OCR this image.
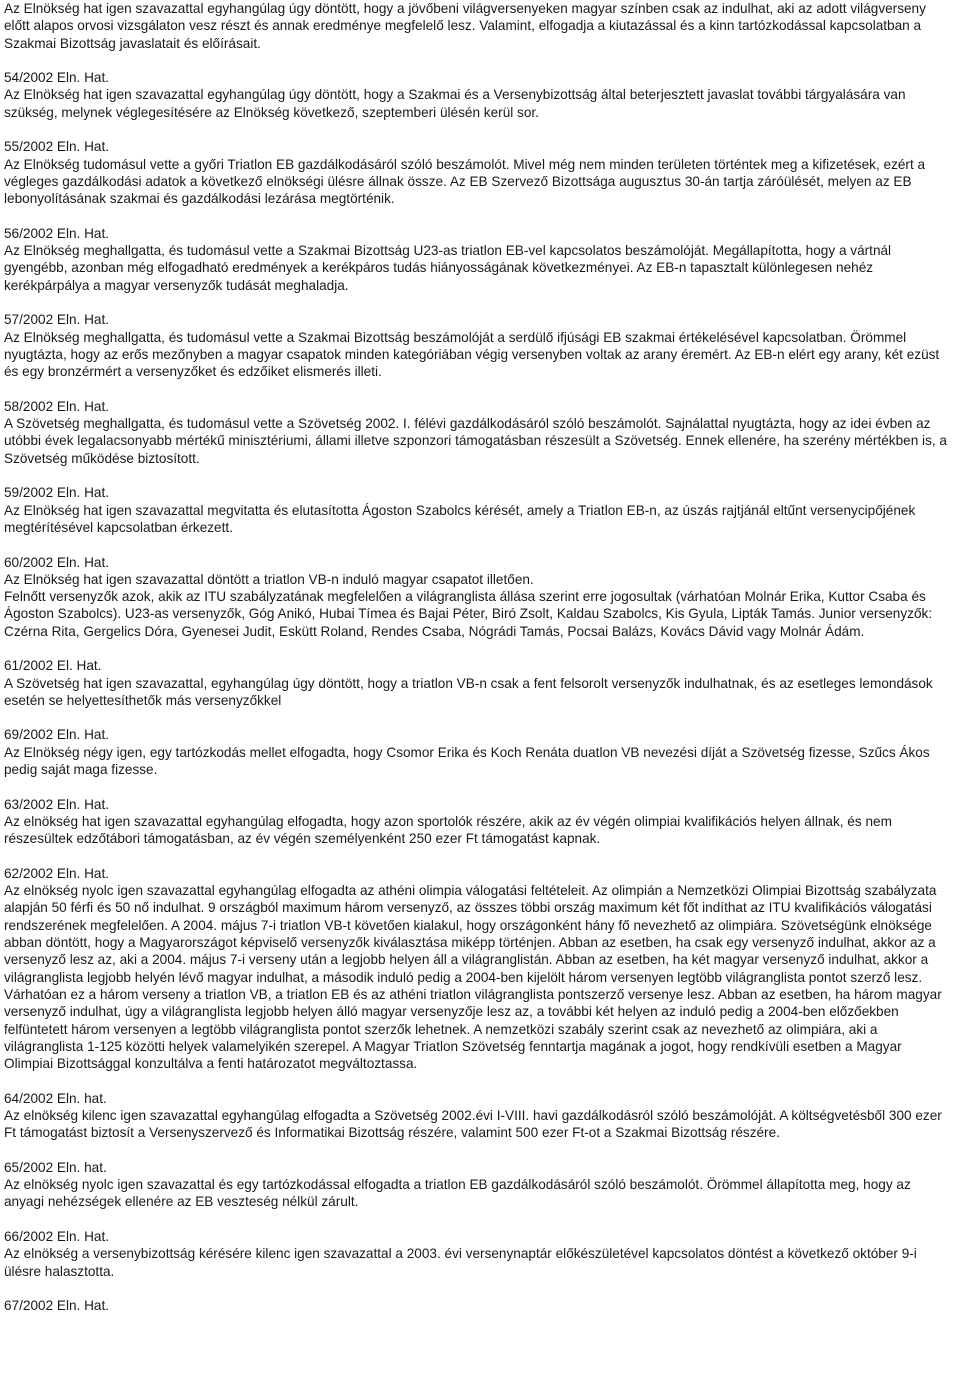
Az Elnökség hat igen szavazattal egyhangúlag úgy döntött, hogy a jövőbeni világversenyeken magyar színben csak az indulhat, aki az adott világverseny előtt alapos orvosi vizsgálaton vesz részt és annak eredménye megfelelő lesz. Valamint, elfogadja a kiutazással és a kinn tartózkodással kapcsolatban a Szakmai Bizottság javaslatait és előírásait.

54/2002 Eln. Hat.

Az Elnökség hat igen szavazattal egyhangúlag úgy döntött, hogy a Szakmai és a Versenybizottság által beterjesztett javaslat további tárgyalására van szükség, melynek véglegesítésére az Elnökség következő, szeptemberi ülésén kerül sor.

55/2002 Eln. Hat.

Az Elnökség tudomásul vette a győri Triatlon EB gazdálkodásáról szóló beszámolót. Mivel még nem minden területen történtek meg a kifizetések, ezért a végleges gazdálkodási adatok a következő elnökségi ülésre állnak össze. Az EB Szervező Bizottsága augusztus 30-án tartja záróülését, melyen az EB lebonyolításának szakmai és gazdálkodási lezárása megtörténik.

56/2002 Eln. Hat.

Az Elnökség meghallgatta, és tudomásul vette a Szakmai Bizottság U23-as triatlon EB-vel kapcsolatos beszámolóját. Megállapította, hogy a vártnál gyengébb, azonban még elfogadható eredmények a kerékpáros tudás hiányosságának következményei. Az EB-n tapasztalt különlegesen nehéz kerékpárpálya a magyar versenyzők tudását meghaladja.

57/2002 Eln. Hat.

Az Elnökség meghallgatta, és tudomásul vette a Szakmai Bizottság beszámolóját a serdülő ifjúsági EB szakmai értékelésével kapcsolatban. Örömmel nyugtázta, hogy az erős mezőnyben a magyar csapatok minden kategóriában végig versenyben voltak az arany éremért. Az EB-n elért egy arany, két ezüst és egy bronzérmért a versenyzőket és edzőiket elismerés illeti.

58/2002 Eln. Hat.

A Szövetség meghallgatta, és tudomásul vette a Szövetség 2002. I. félévi gazdálkodásáról szóló beszámolót. Sajnálattal nyugtázta, hogy az idei évben az utóbbi évek legalacsonyabb mértékű minisztériumi, állami illetve szponzori támogatásban részesült a Szövetség. Ennek ellenére, ha szerény mértékben is, a Szövetség működése biztosított.

59/2002 Eln. Hat.

Az Elnökség hat igen szavazattal megvitatta és elutasította Ágoston Szabolcs kérését, amely a Triatlon EB-n, az úszás rajtjánál eltűnt versenycipőjének megtérítésével kapcsolatban érkezett.

60/2002 Eln. Hat.

Az Elnökség hat igen szavazattal döntött a triatlon VB-n induló magyar csapatot illetően.

Felnőtt versenyzők azok, akik az ITU szabályzatának megfelelően a világranglista állása szerint erre jogosultak (várhatóan Molnár Erika, Kuttor Csaba és Ágoston Szabolcs). U23-as versenyzők, Góg Anikó, Hubai Tímea és Bajai Péter, Biró Zsolt, Kaldau Szabolcs, Kis Gyula, Lipták Tamás. Junior versenyzők: Czérna Rita, Gergelics Dóra, Gyenesei Judit, Eskütt Roland, Rendes Csaba, Nógrádi Tamás, Pocsai Balázs, Kovács Dávid vagy Molnár Ádám.

61/2002 El. Hat.

A Szövetség hat igen szavazattal, egyhangúlag úgy döntött, hogy a triatlon VB-n csak a fent felsorolt versenyzők indulhatnak, és az esetleges lemondások esetén se helyettesíthetők más versenyzőkkel

69/2002 Eln. Hat.

Az Elnökség négy igen, egy tartózkodás mellet elfogadta, hogy Csomor Erika és Koch Renáta duatlon VB nevezési díját a Szövetség fizesse, Szűcs Ákos pedig saját maga fizesse.

63/2002 Eln. Hat.

Az elnökség hat igen szavazattal egyhangúlag elfogadta, hogy azon sportolók részére, akik az év végén olimpiai kvalifikációs helyen állnak, és nem részesültek edzőtábori támogatásban, az év végén személyenként 250 ezer Ft támogatást kapnak.

62/2002 Eln. Hat.

Az elnökség nyolc igen szavazattal egyhangúlag elfogadta az athéni olimpia válogatási feltételeit. Az olimpián a Nemzetközi Olimpiai Bizottság szabályzata alapján 50 férfi és 50 nő indulhat. 9 országból maximum három versenyző, az összes többi ország maximum két főt indíthat az ITU kvalifikációs válogatási rendszerének megfelelően. A 2004. május 7-i triatlon VB-t követően kialakul, hogy országonként hány fő nevezhető az olimpiára. Szövetségünk elnöksége abban döntött, hogy a Magyarországot képviselő versenyzők kiválasztása miképp történjen. Abban az esetben, ha csak egy versenyző indulhat, akkor az a versenyző lesz az, aki a 2004. május 7-i verseny után a legjobb helyen áll a világranglistán. Abban az esetben, ha két magyar versenyző indulhat, akkor a világranglista legjobb helyén lévő magyar indulhat, a második induló pedig a 2004-ben kijelölt három versenyen legtöbb világranglista pontot szerző lesz. Várhatóan ez a három verseny a triatlon VB, a triatlon EB és az athéni triatlon világranglista pontszerző versenye lesz. Abban az esetben, ha három magyar versenyző indulhat, úgy a világranglista legjobb helyen álló magyar versenyzője lesz az, a további két helyen az induló pedig a 2004-ben előzőekben felfüntetett három versenyen a legtöbb világranglista pontot szerzők lehetnek. A nemzetközi szabály szerint csak az nevezhető az olimpiára, aki a világranglista 1-125 közötti helyek valamelyikén szerepel. A Magyar Triatlon Szövetség fenntartja magának a jogot, hogy rendkívüli esetben a Magyar Olimpiai Bizottsággal konzultálva a fenti határozatot megváltoztassa.

64/2002 Eln. hat.

Az elnökség kilenc igen szavazattal egyhangúlag elfogadta a Szövetség 2002.évi I-VIII. havi gazdálkodásról szóló beszámolóját. A költségvetésből 300 ezer Ft támogatást biztosít a Versenyszervező és Informatikai Bizottság részére, valamint 500 ezer Ft-ot a Szakmai Bizottság részére.

65/2002 Eln. hat.

Az elnökség nyolc igen szavazattal és egy tartózkodással elfogadta a triatlon EB gazdálkodásáról szóló beszámolót. Örömmel állapította meg, hogy az anyagi nehézségek ellenére az EB veszteség nélkül zárult.

66/2002 Eln. Hat.

Az elnökség a versenybizottság kérésére kilenc igen szavazattal a 2003. évi versenynaptár előkészületével kapcsolatos döntést a következő október 9-i ülésre halasztotta.

67/2002 Eln. Hat.
